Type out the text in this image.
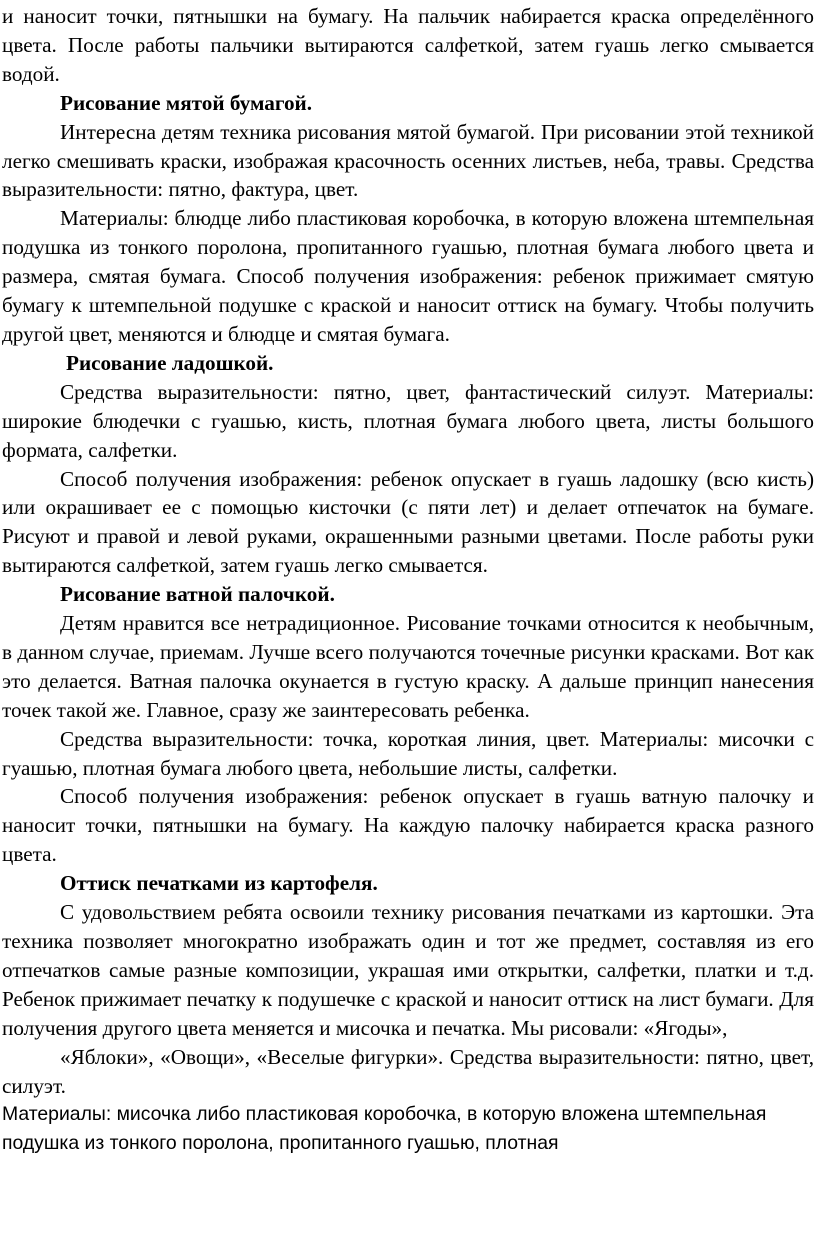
и наносит точки, пятнышки на бумагу. На пальчик набирается краска определённого цвета. После работы пальчики вытираются салфеткой, затем гуашь легко смывается водой.

Рисование мятой бумагой.

Интересна детям техника рисования мятой бумагой. При рисовании этой техникой легко смешивать краски, изображая красочность осенних листьев, неба, травы. Средства выразительности: пятно, фактура, цвет.

Материалы: блюдце либо пластиковая коробочка, в которую вложена штемпельная подушка из тонкого поролона, пропитанного гуашью, плотная бумага любого цвета и размера, смятая бумага. Способ получения изображения: ребенок прижимает смятую бумагу к штемпельной подушке с краской и наносит оттиск на бумагу. Чтобы получить другой цвет, меняются и блюдце и смятая бумага.

Рисование ладошкой.

Средства выразительности: пятно, цвет, фантастический силуэт. Материалы: широкие блюдечки с гуашью, кисть, плотная бумага любого цвета, листы большого формата, салфетки.

Способ получения изображения: ребенок опускает в гуашь ладошку (всю кисть) или окрашивает ее с помощью кисточки (с пяти лет) и делает отпечаток на бумаге. Рисуют и правой и левой руками, окрашенными разными цветами. После работы руки вытираются салфеткой, затем гуашь легко смывается.

Рисование ватной палочкой.

Детям нравится все нетрадиционное. Рисование точками относится к необычным, в данном случае, приемам. Лучше всего получаются точечные рисунки красками. Вот как это делается. Ватная палочка окунается в густую краску. А дальше принцип нанесения точек такой же. Главное, сразу же заинтересовать ребенка.

Средства выразительности: точка, короткая линия, цвет. Материалы: мисочки с гуашью, плотная бумага любого цвета, небольшие листы, салфетки.

Способ получения изображения: ребенок опускает в гуашь ватную палочку и наносит точки, пятнышки на бумагу. На каждую палочку набирается краска разного цвета.

Оттиск печатками из картофеля.

С удовольствием ребята освоили технику рисования печатками из картошки. Эта техника позволяет многократно изображать один и тот же предмет, составляя из его отпечатков самые разные композиции, украшая ими открытки, салфетки, платки и т.д. Ребенок прижимает печатку к подушечке с краской и наносит оттиск на лист бумаги. Для получения другого цвета меняется и мисочка и печатка. Мы рисовали: «Ягоды»,

«Яблоки», «Овощи», «Веселые фигурки». Средства выразительности: пятно, цвет, силуэт.

Материалы: мисочка либо пластиковая коробочка, в которую вложена штемпельная подушка из тонкого поролона, пропитанного гуашью, плотная
